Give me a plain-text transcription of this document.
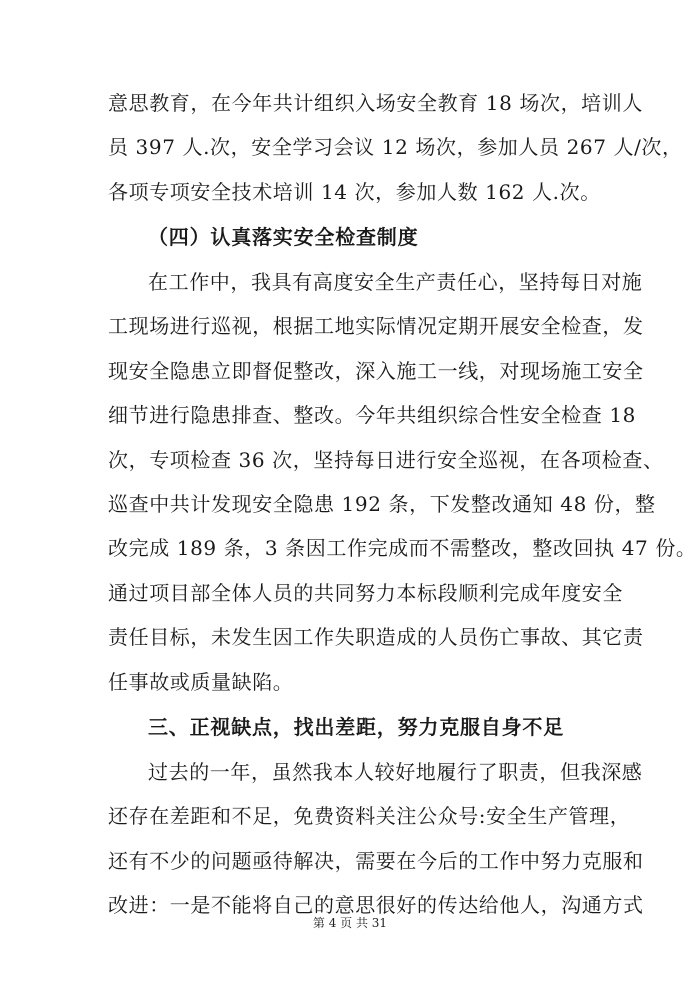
意思教育，在今年共计组织入场安全教育 18 场次，培训人
员 397 人.次，安全学习会议 12 场次，参加人员 267 人/次，
各项专项安全技术培训 14 次，参加人数 162 人.次。
（四）认真落实安全检查制度
在工作中，我具有高度安全生产责任心，坚持每日对施
工现场进行巡视，根据工地实际情况定期开展安全检查，发
现安全隐患立即督促整改，深入施工一线，对现场施工安全
细节进行隐患排查、整改。今年共组织综合性安全检查 18
次，专项检查 36 次，坚持每日进行安全巡视，在各项检查、
巡查中共计发现安全隐患 192 条，下发整改通知 48 份，整
改完成 189 条，3 条因工作完成而不需整改，整改回执 47 份。
通过项目部全体人员的共同努力本标段顺利完成年度安全
责任目标，未发生因工作失职造成的人员伤亡事故、其它责
任事故或质量缺陷。
三、正视缺点，找出差距，努力克服自身不足
过去的一年，虽然我本人较好地履行了职责，但我深感
还存在差距和不足，免费资料关注公众号:安全生产管理，
还有不少的问题亟待解决，需要在今后的工作中努力克服和
改进：一是不能将自己的意思很好的传达给他人，沟通方式
第 4 页 共 31
